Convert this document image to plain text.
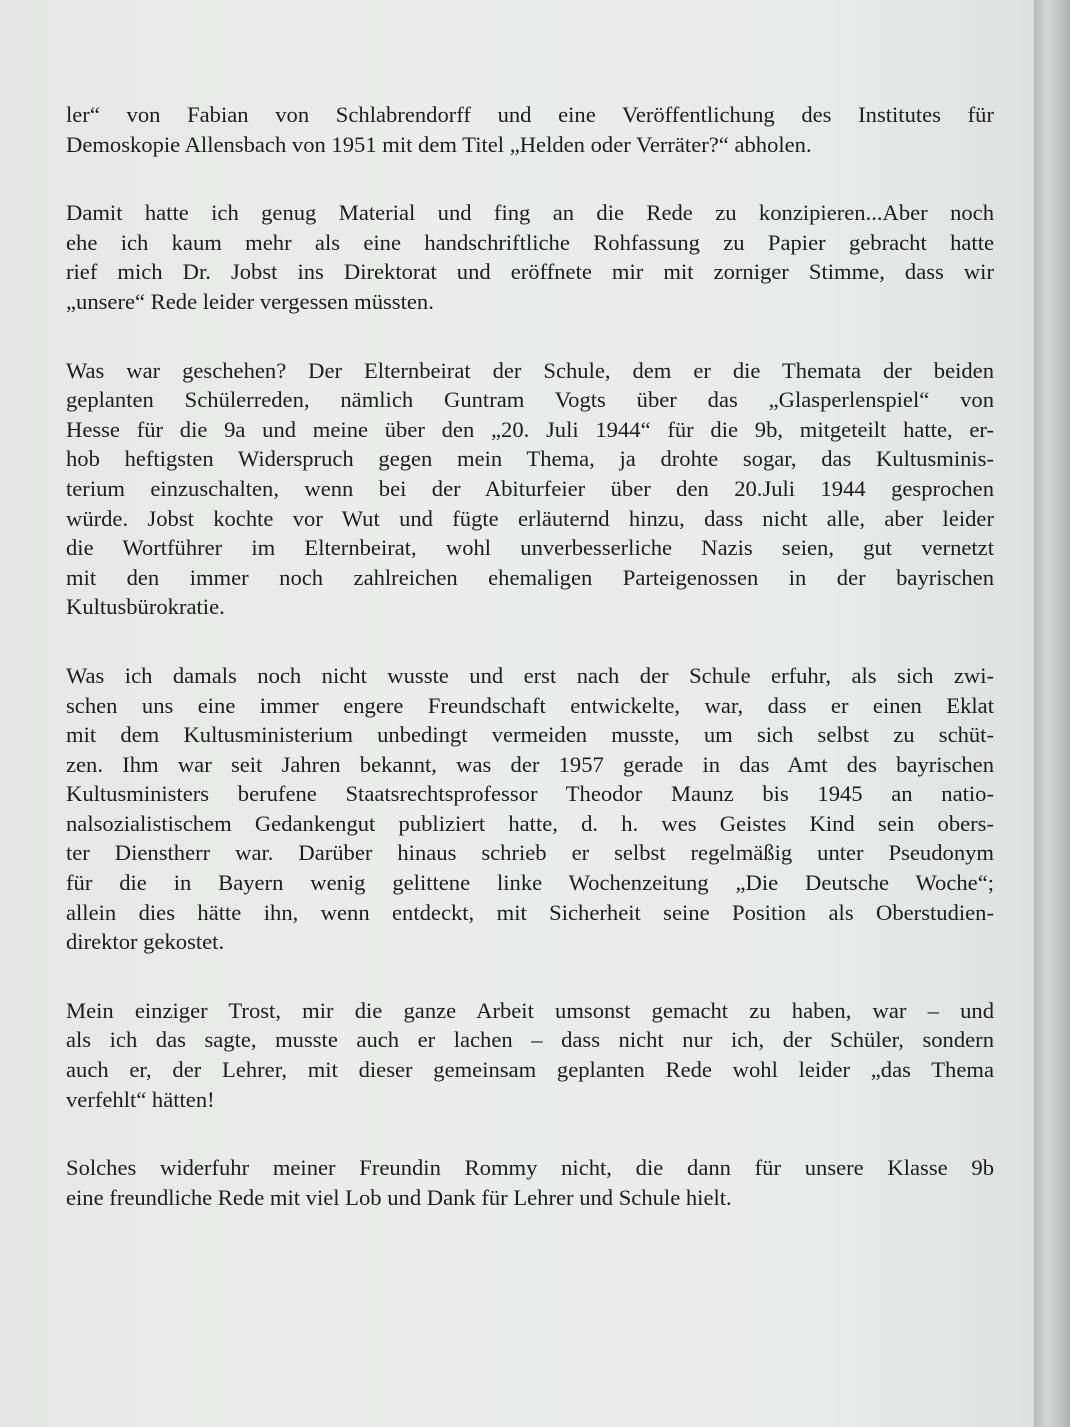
ler“ von Fabian von Schlabrendorff und eine Veröffentlichung des Institutes für
Demoskopie Allensbach von 1951 mit dem Titel „Helden oder Verräter?“ abholen.

Damit hatte ich genug Material und fing an die Rede zu konzipieren...Aber noch
ehe ich kaum mehr als eine handschriftliche Rohfassung zu Papier gebracht hatte
rief mich Dr. Jobst ins Direktorat und eröffnete mir mit zorniger Stimme, dass wir
„unsere“ Rede leider vergessen müssten.

Was war geschehen? Der Elternbeirat der Schule, dem er die Themata der beiden
geplanten Schülerreden, nämlich Guntram Vogts über das „Glasperlenspiel“ von
Hesse für die 9a und meine über den „20. Juli 1944“ für die 9b, mitgeteilt hatte, er-
hob heftigsten Widerspruch gegen mein Thema, ja drohte sogar, das Kultusminis-
terium einzuschalten, wenn bei der Abiturfeier über den 20.Juli 1944 gesprochen
würde. Jobst kochte vor Wut und fügte erläuternd hinzu, dass nicht alle, aber leider
die Wortführer im Elternbeirat, wohl unverbesserliche Nazis seien, gut vernetzt
mit den immer noch zahlreichen ehemaligen Parteigenossen in der bayrischen
Kultusbürokratie.

Was ich damals noch nicht wusste und erst nach der Schule erfuhr, als sich zwi-
schen uns eine immer engere Freundschaft entwickelte, war, dass er einen Eklat
mit dem Kultusministerium unbedingt vermeiden musste, um sich selbst zu schüt-
zen. Ihm war seit Jahren bekannt, was der 1957 gerade in das Amt des bayrischen
Kultusministers berufene Staatsrechtsprofessor Theodor Maunz bis 1945 an natio-
nalsozialistischem Gedankengut publiziert hatte, d. h. wes Geistes Kind sein obers-
ter Dienstherr war. Darüber hinaus schrieb er selbst regelmäßig unter Pseudonym
für die in Bayern wenig gelittene linke Wochenzeitung „Die Deutsche Woche“;
allein dies hätte ihn, wenn entdeckt, mit Sicherheit seine Position als Oberstudien-
direktor gekostet.

Mein einziger Trost, mir die ganze Arbeit umsonst gemacht zu haben, war – und
als ich das sagte, musste auch er lachen – dass nicht nur ich, der Schüler, sondern
auch er, der Lehrer, mit dieser gemeinsam geplanten Rede wohl leider „das Thema
verfehlt“ hätten!

Solches widerfuhr meiner Freundin Rommy nicht, die dann für unsere Klasse 9b
eine freundliche Rede mit viel Lob und Dank für Lehrer und Schule hielt.
